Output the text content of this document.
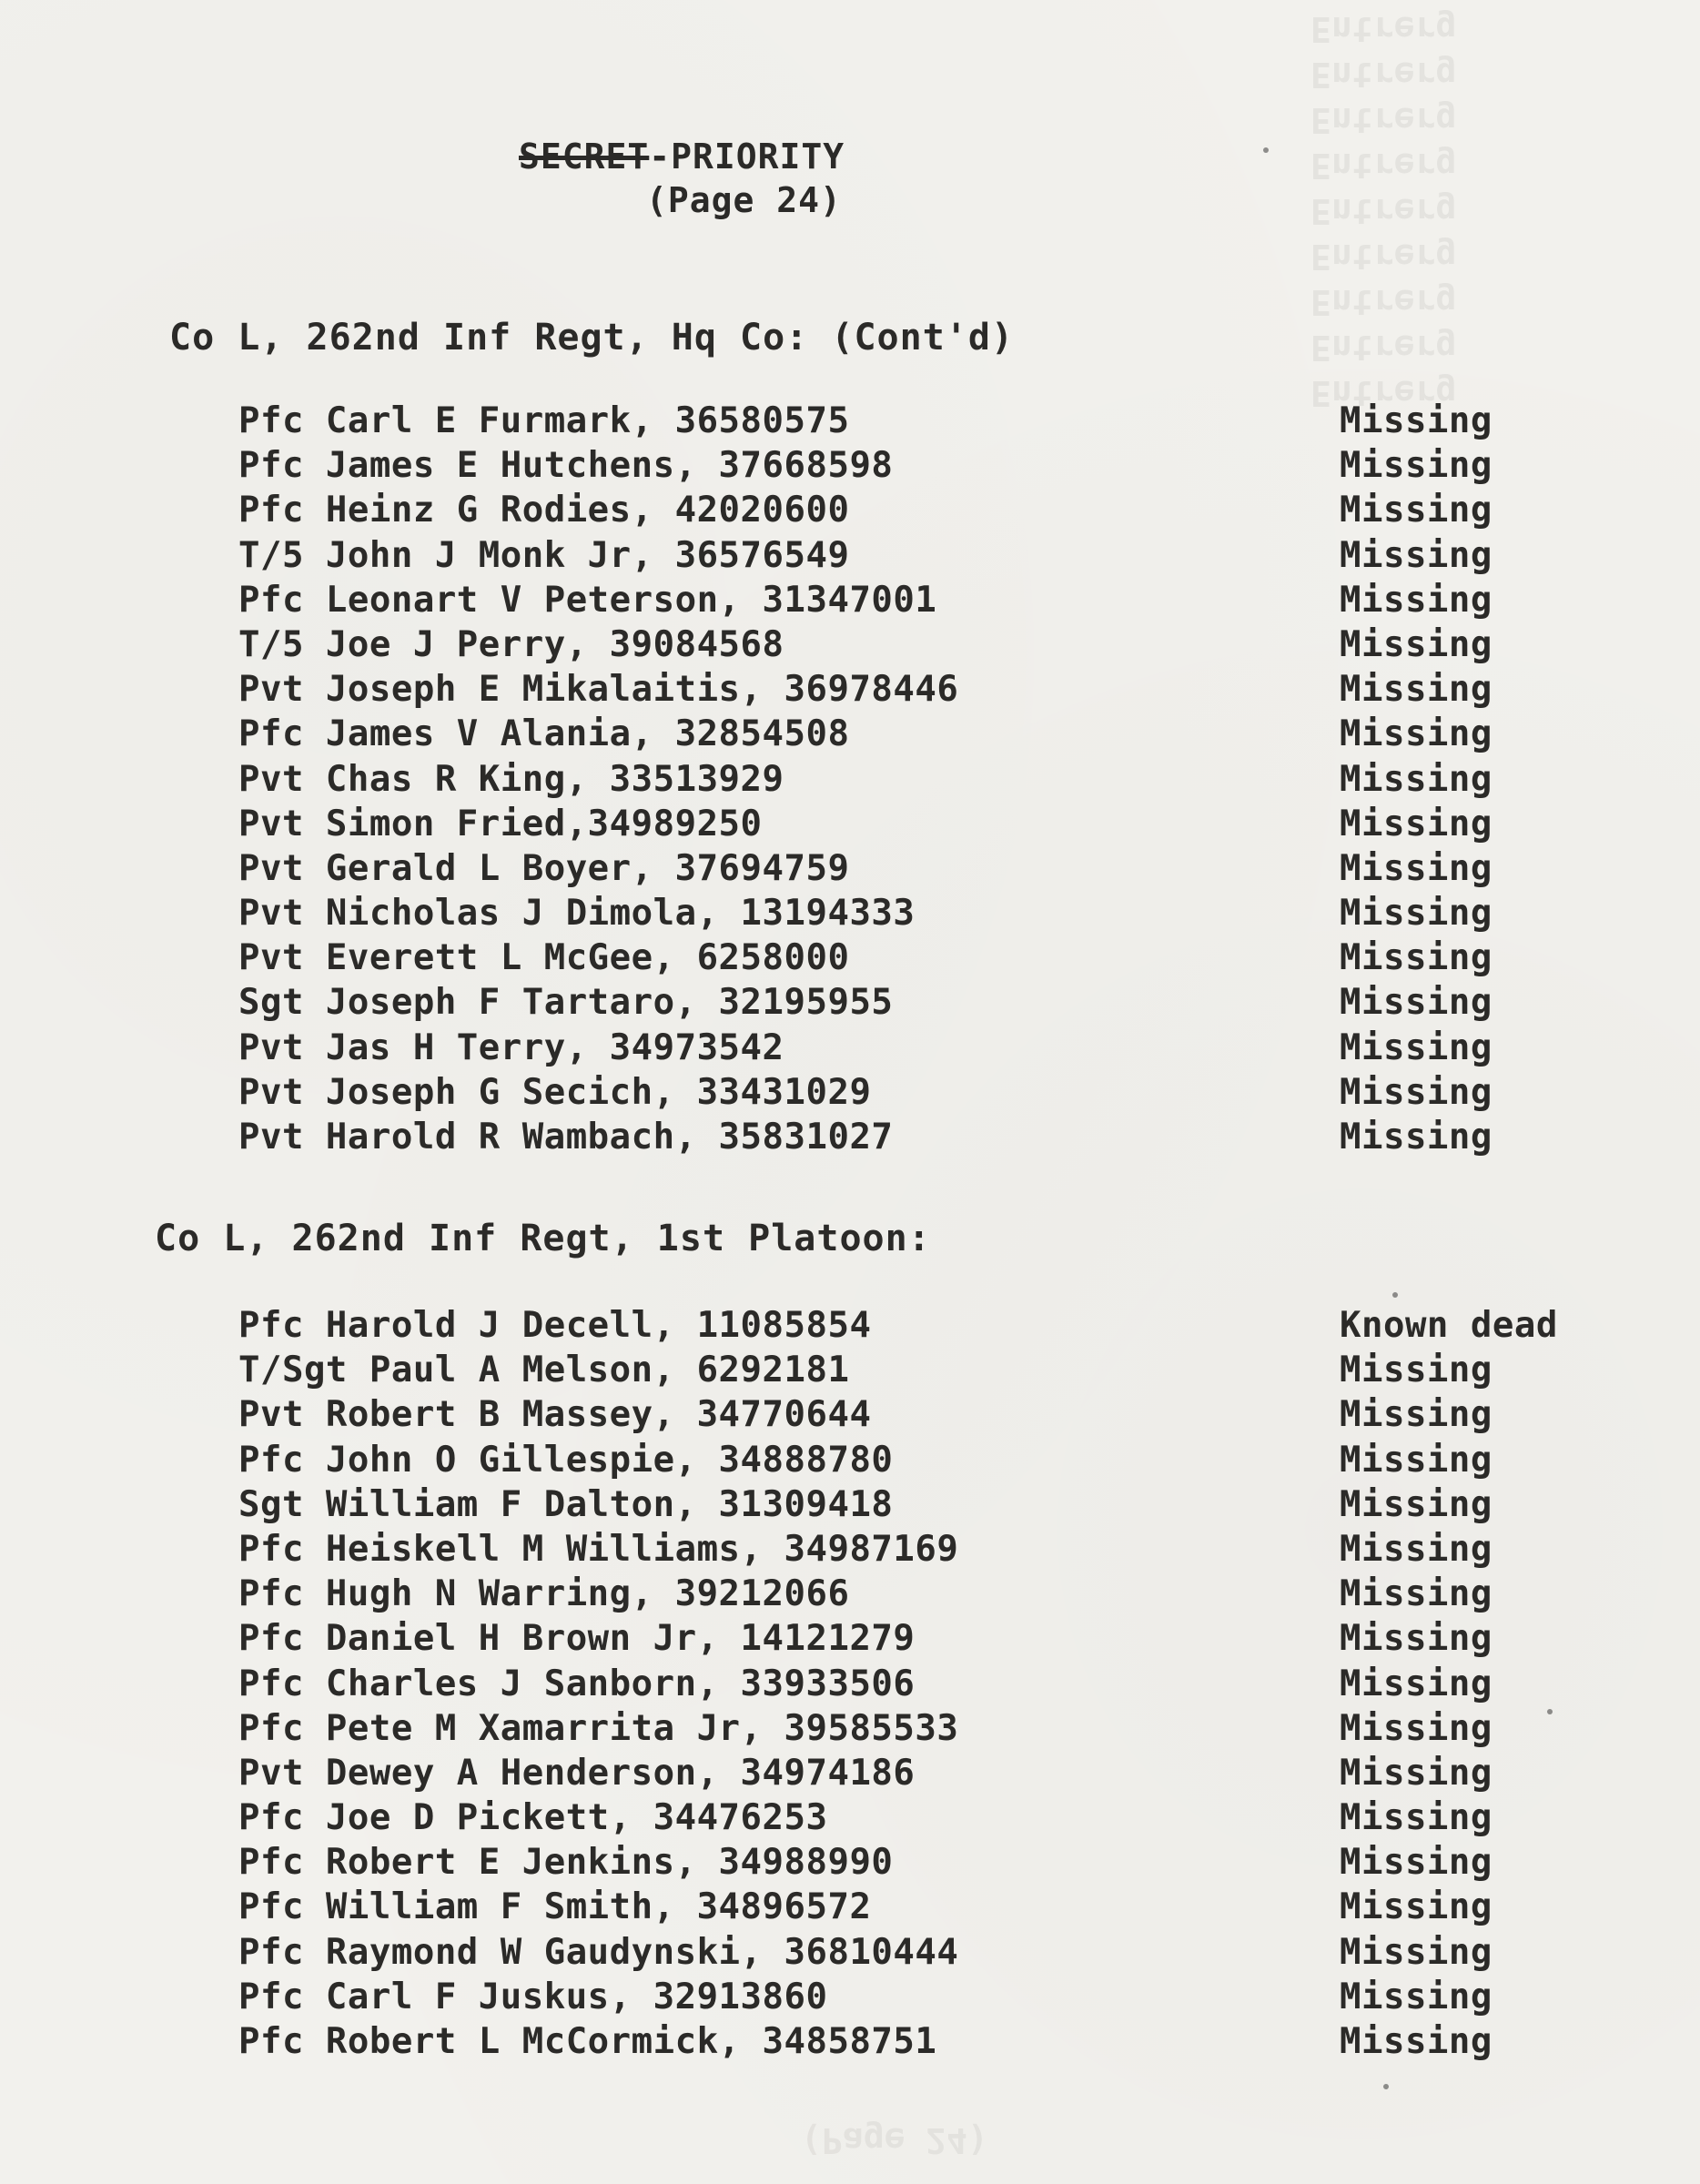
Entrerg
Entrerg
Entrerg
Entrerg
Entrerg
Entrerg
Entrerg
Entrerg
Entrerg
SECRET-PRIORITY
(Page 24)
Co L, 262nd Inf Regt, Hq Co: (Cont'd)
Pfc Carl E Furmark, 36580575	Missing
Pfc James E Hutchens, 37668598	Missing
Pfc Heinz G Rodies, 42020600	Missing
T/5 John J Monk Jr, 36576549	Missing
Pfc Leonart V Peterson, 31347001	Missing
T/5 Joe J Perry, 39084568	Missing
Pvt Joseph E Mikalaitis, 36978446	Missing
Pfc James V Alania, 32854508	Missing
Pvt Chas R King, 33513929	Missing
Pvt Simon Fried,34989250	Missing
Pvt Gerald L Boyer, 37694759	Missing
Pvt Nicholas J Dimola, 13194333	Missing
Pvt Everett L McGee, 6258000	Missing
Sgt Joseph F Tartaro, 32195955	Missing
Pvt Jas H Terry, 34973542	Missing
Pvt Joseph G Secich, 33431029	Missing
Pvt Harold R Wambach, 35831027	Missing
Co L, 262nd Inf Regt, 1st Platoon:
Pfc Harold J Decell, 11085854	Known dead
T/Sgt Paul A Melson, 6292181	Missing
Pvt Robert B Massey, 34770644	Missing
Pfc John O Gillespie, 34888780	Missing
Sgt William F Dalton, 31309418	Missing
Pfc Heiskell M Williams, 34987169	Missing
Pfc Hugh N Warring, 39212066	Missing
Pfc Daniel H Brown Jr, 14121279	Missing
Pfc Charles J Sanborn, 33933506	Missing
Pfc Pete M Xamarrita Jr, 39585533	Missing
Pvt Dewey A Henderson, 34974186	Missing
Pfc Joe D Pickett, 34476253	Missing
Pfc Robert E Jenkins, 34988990	Missing
Pfc William F Smith, 34896572	Missing
Pfc Raymond W Gaudynski, 36810444	Missing
Pfc Carl F Juskus, 32913860	Missing
Pfc Robert L McCormick, 34858751	Missing
(Page 24)
